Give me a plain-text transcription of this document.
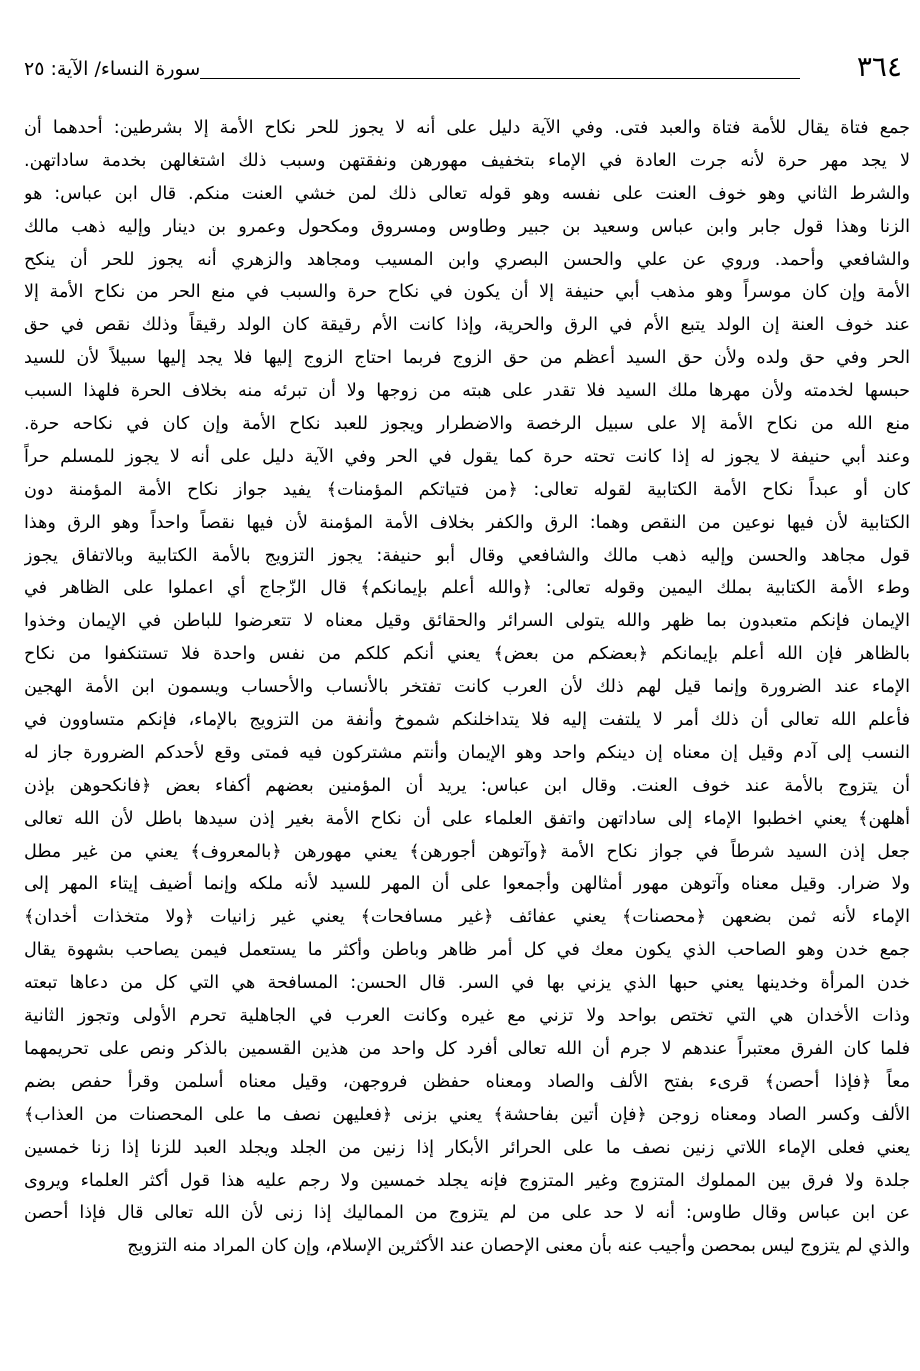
٣٦٤
سورة النساء/ الآية: ٢٥
جمع فتاة يقال للأمة فتاة والعبد فتى. وفي الآية دليل على أنه لا يجوز للحر نكاح الأمة إلا بشرطين: أحدهما أن
لا يجد مهر حرة لأنه جرت العادة في الإماء بتخفيف مهورهن ونفقتهن وسبب ذلك اشتغالهن بخدمة ساداتهن.
والشرط الثاني وهو خوف العنت على نفسه وهو قوله تعالى ذلك لمن خشي العنت منكم. قال ابن عباس: هو
الزنا وهذا قول جابر وابن عباس وسعيد بن جبير وطاوس ومسروق ومكحول وعمرو بن دينار وإليه ذهب مالك
والشافعي وأحمد. وروي عن علي والحسن البصري وابن المسيب ومجاهد والزهري أنه يجوز للحر أن ينكح
الأمة وإن كان موسراً وهو مذهب أبي حنيفة إلا أن يكون في نكاح حرة والسبب في منع الحر من نكاح الأمة إلا
عند خوف العنة إن الولد يتبع الأم في الرق والحرية، وإذا كانت الأم رقيقة كان الولد رقيقاً وذلك نقص في حق
الحر وفي حق ولده ولأن حق السيد أعظم من حق الزوج فربما احتاج الزوج إليها فلا يجد إليها سبيلاً لأن للسيد
حبسها لخدمته ولأن مهرها ملك السيد فلا تقدر على هبته من زوجها ولا أن تبرئه منه بخلاف الحرة فلهذا السبب
منع الله من نكاح الأمة إلا على سبيل الرخصة والاضطرار ويجوز للعبد نكاح الأمة وإن كان في نكاحه حرة.
وعند أبي حنيفة لا يجوز له إذا كانت تحته حرة كما يقول في الحر وفي الآية دليل على أنه لا يجوز للمسلم حراً
كان أو عبداً نكاح الأمة الكتابية لقوله تعالى: ﴿من فتياتكم المؤمنات﴾ يفيد جواز نكاح الأمة المؤمنة دون
الكتابية لأن فيها نوعين من النقص وهما: الرق والكفر بخلاف الأمة المؤمنة لأن فيها نقصاً واحداً وهو الرق وهذا
قول مجاهد والحسن وإليه ذهب مالك والشافعي وقال أبو حنيفة: يجوز التزويج بالأمة الكتابية وبالاتفاق يجوز
وطء الأمة الكتابية بملك اليمين وقوله تعالى: ﴿والله أعلم بإيمانكم﴾ قال الزّجاج أي اعملوا على الظاهر في
الإيمان فإنكم متعبدون بما ظهر والله يتولى السرائر والحقائق وقيل معناه لا تتعرضوا للباطن في الإيمان وخذوا
بالظاهر فإن الله أعلم بإيمانكم ﴿بعضكم من بعض﴾ يعني أنكم كلكم من نفس واحدة فلا تستنكفوا من نكاح
الإماء عند الضرورة وإنما قيل لهم ذلك لأن العرب كانت تفتخر بالأنساب والأحساب ويسمون ابن الأمة الهجين
فأعلم الله تعالى أن ذلك أمر لا يلتفت إليه فلا يتداخلنكم شموخ وأنفة من التزويج بالإماء، فإنكم متساوون في
النسب إلى آدم وقيل إن معناه إن دينكم واحد وهو الإيمان وأنتم مشتركون فيه فمتى وقع لأحدكم الضرورة جاز له
أن يتزوج بالأمة عند خوف العنت. وقال ابن عباس: يريد أن المؤمنين بعضهم أكفاء بعض ﴿فانكحوهن بإذن
أهلهن﴾ يعني اخطبوا الإماء إلى ساداتهن واتفق العلماء على أن نكاح الأمة بغير إذن سيدها باطل لأن الله تعالى
جعل إذن السيد شرطاً في جواز نكاح الأمة ﴿وآتوهن أجورهن﴾ يعني مهورهن ﴿بالمعروف﴾ يعني من غير مطل
ولا ضرار. وقيل معناه وآتوهن مهور أمثالهن وأجمعوا على أن المهر للسيد لأنه ملكه وإنما أضيف إيتاء المهر إلى
الإماء لأنه ثمن بضعهن ﴿محصنات﴾ يعني عفائف ﴿غير مسافحات﴾ يعني غير زانيات ﴿ولا متخذات أخدان﴾
جمع خدن وهو الصاحب الذي يكون معك في كل أمر ظاهر وباطن وأكثر ما يستعمل فيمن يصاحب بشهوة يقال
خدن المرأة وخدينها يعني حبها الذي يزني بها في السر. قال الحسن: المسافحة هي التي كل من دعاها تبعته
وذات الأخدان هي التي تختص بواحد ولا تزني مع غيره وكانت العرب في الجاهلية تحرم الأولى وتجوز الثانية
فلما كان الفرق معتبراً عندهم لا جرم أن الله تعالى أفرد كل واحد من هذين القسمين بالذكر ونص على تحريمهما
معاً ﴿فإذا أحصن﴾ قرىء بفتح الألف والصاد ومعناه حفظن فروجهن، وقيل معناه أسلمن وقرأ حفص بضم
الألف وكسر الصاد ومعناه زوجن ﴿فإن أتين بفاحشة﴾ يعني بزنى ﴿فعليهن نصف ما على المحصنات من العذاب﴾
يعني فعلى الإماء اللاتي زنين نصف ما على الحرائر الأبكار إذا زنين من الجلد ويجلد العبد للزنا إذا زنا خمسين
جلدة ولا فرق بين المملوك المتزوج وغير المتزوج فإنه يجلد خمسين ولا رجم عليه هذا قول أكثر العلماء ويروى
عن ابن عباس وقال طاوس: أنه لا حد على من لم يتزوج من المماليك إذا زنى لأن الله تعالى قال فإذا أحصن
والذي لم يتزوج ليس بمحصن وأجيب عنه بأن معنى الإحصان عند الأكثرين الإسلام، وإن كان المراد منه التزويج
